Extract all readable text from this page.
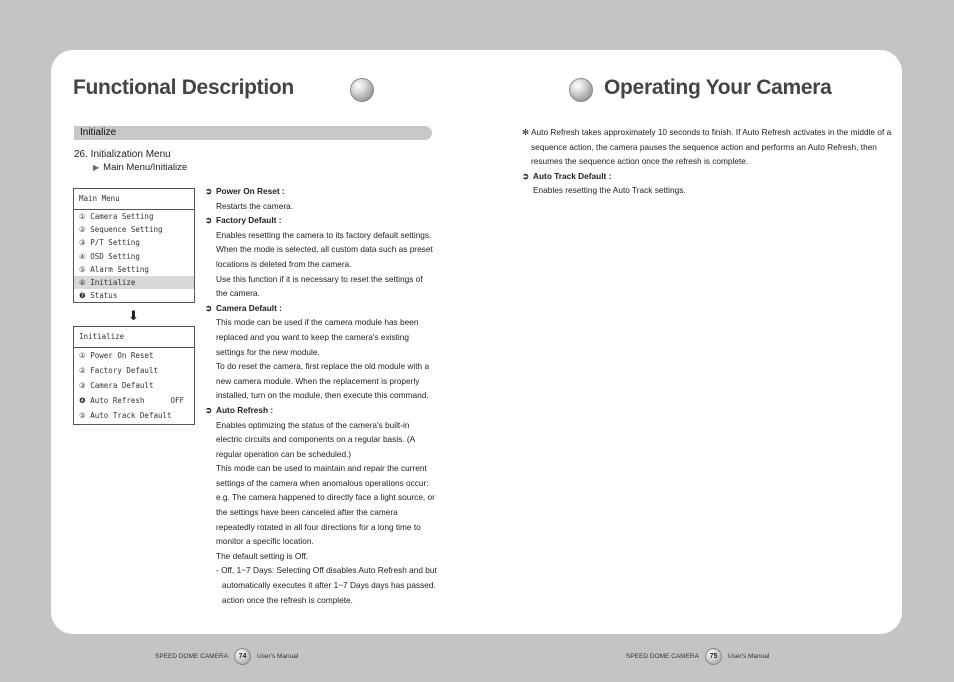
Functional Description	Operating Your Camera
Initialize
26. Initialization Menu
▶ Main Menu/Initialize
Main Menu
① Camera Setting
② Sequence Setting
③ P/T Setting
④ OSD Setting
⑤ Alarm Setting
⑥ Initialize
❼ Status
⬇
Initialize
① Power On Reset
② Factory Default
③ Camera Default
❹ Auto Refresh	OFF
⑤ Auto Track Default
➲ Power On Reset :
Restarts the camera.
➲ Factory Default :
Enables resetting the camera to its factory default settings.
When the mode is selected, all custom data such as preset
locations is deleted from the camera.
Use this function if it is necessary to reset the settings of
the camera.
➲ Camera Default :
This mode can be used if the camera module has been
replaced and you want to keep the camera's existing
settings for the new module.
To do reset the camera, first replace the old module with a
new camera module. When the replacement is properly
installed, turn on the module, then execute this command.
➲ Auto Refresh :
Enables optimizing the status of the camera's built-in
electric circuits and components on a regular basis. (A
regular operation can be scheduled.)
This mode can be used to maintain and repair the current
settings of the camera when anomalous operations occur:
e.g. The camera happened to directly face a light source, or
the settings have been canceled after the camera
repeatedly rotated in all four directions for a long time to
monitor a specific location.
The default setting is Off.
- Off, 1~7 Days: Selecting Off disables Auto Refresh and but
automatically executes it after 1~7 Days days has passed.
action once the refresh is complete.
✻ Auto Refresh takes approximately 10 seconds to finish. If Auto Refresh activates in the middle of a
sequence action, the camera pauses the sequence action and performs an Auto Refresh, then
resumes the sequence action once the refresh is complete.
➲ Auto Track Default :
Enables resetting the Auto Track settings.
SPEED DOME CAMERA	74	User's Manual	SPEED DOME CAMERA	75	User's Manual
